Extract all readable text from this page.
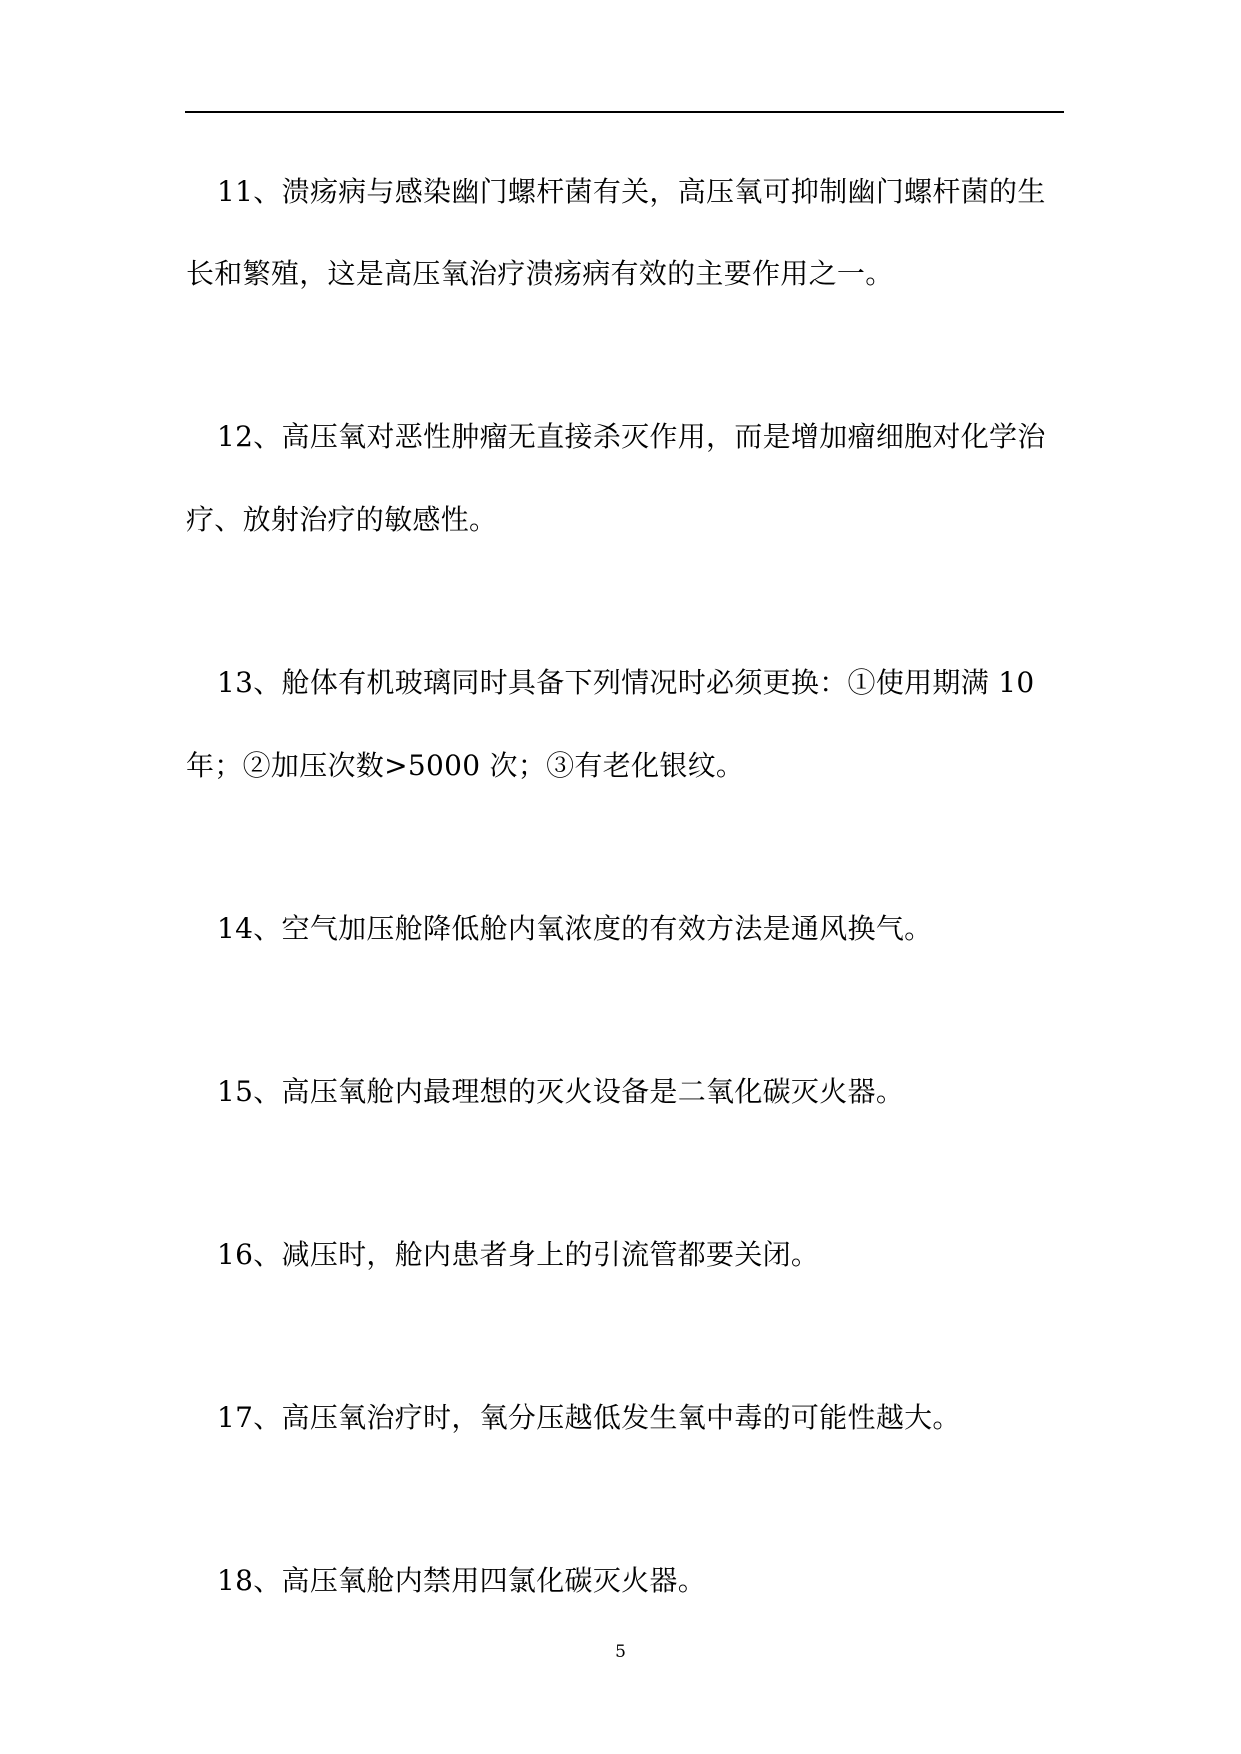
11、溃疡病与感染幽门螺杆菌有关，高压氧可抑制幽门螺杆菌的生
长和繁殖，这是高压氧治疗溃疡病有效的主要作用之一。
12、高压氧对恶性肿瘤无直接杀灭作用，而是增加瘤细胞对化学治
疗、放射治疗的敏感性。
13、舱体有机玻璃同时具备下列情况时必须更换：①使用期满 10
年；②加压次数>5000 次；③有老化银纹。
14、空气加压舱降低舱内氧浓度的有效方法是通风换气。
15、高压氧舱内最理想的灭火设备是二氧化碳灭火器。
16、减压时，舱内患者身上的引流管都要关闭。
17、高压氧治疗时，氧分压越低发生氧中毒的可能性越大。
18、高压氧舱内禁用四氯化碳灭火器。
5
